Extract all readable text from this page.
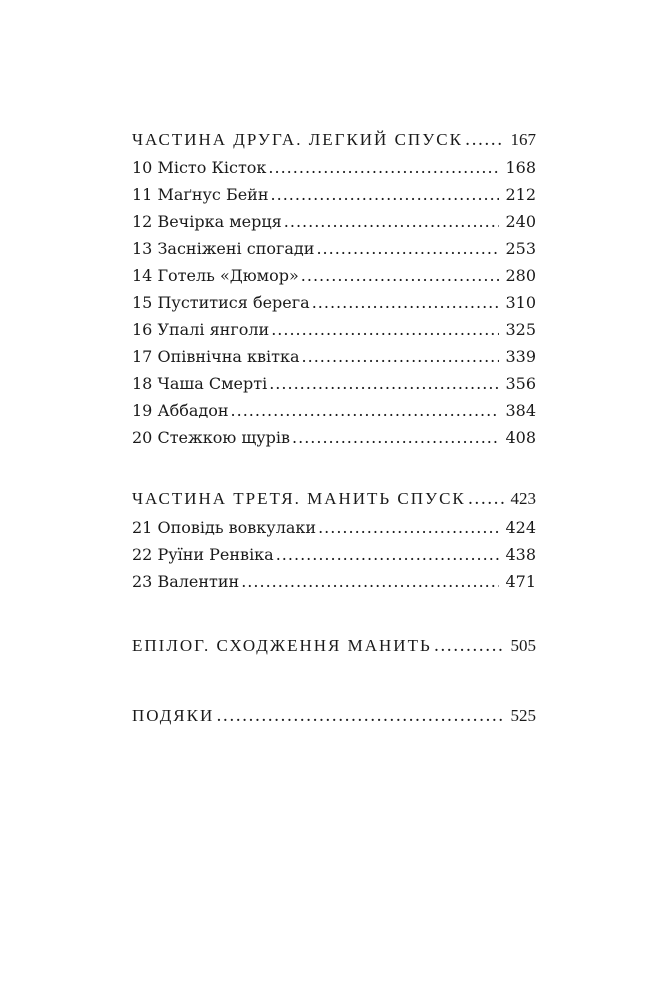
ЧАСТИНА ДРУГА. ЛЕГКИЙ СПУСК .....	167
10 Місто Кісток .....	168
11 Маґнус Бейн .....	212
12 Вечірка мерця .....	240
13 Засніжені спогади .....	253
14 Готель «Дюмор» .....	280
15 Пуститися берега .....	310
16 Упалі янголи .....	325
17 Опівнічна квітка .....	339
18 Чаша Смерті .....	356
19 Аббадон .....	384
20 Стежкою щурів .....	408
ЧАСТИНА ТРЕТЯ. МАНИТЬ СПУСК .....	423
21 Оповідь вовкулаки .....	424
22 Руїни Ренвіка .....	438
23 Валентин .....	471
ЕПІЛОГ. СХОДЖЕННЯ МАНИТЬ .....	505
ПОДЯКИ .....	525
